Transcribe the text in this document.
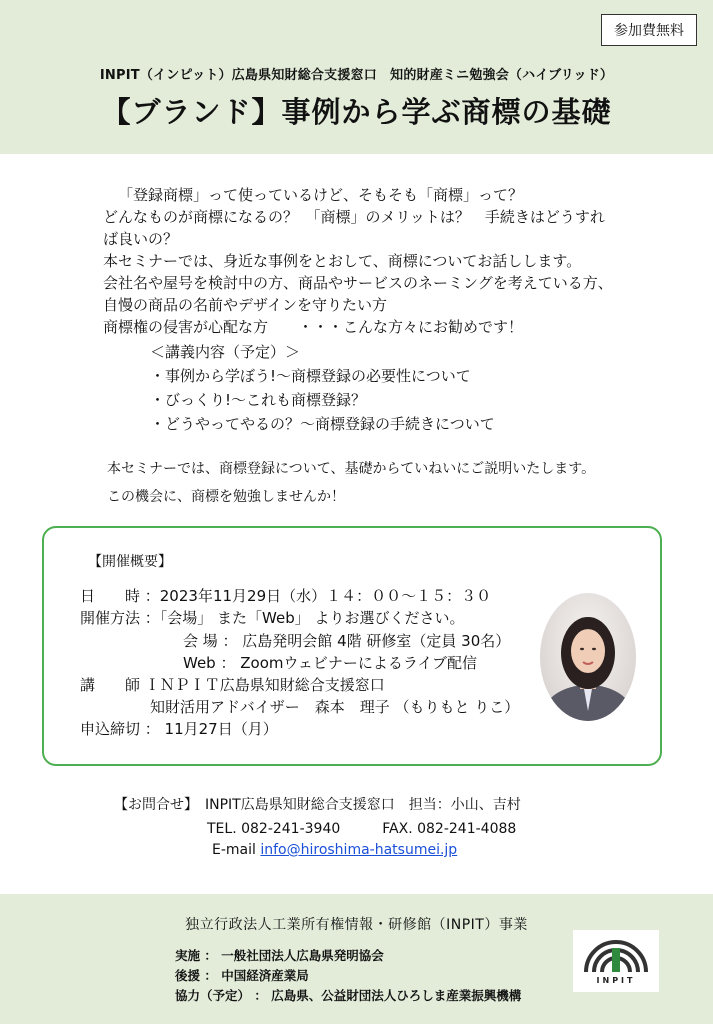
参加費無料
INPIT（インピット）広島県知財総合支援窓口　知的財産ミニ勉強会（ハイブリッド）
【ブランド】事例から学ぶ商標の基礎

「登録商標」って使っているけど、そもそも「商標」って？

どんなものが商標になるの？　「商標」のメリットは？　手続きはどうすれ

ば良いの？

本セミナーでは、身近な事例をとおして、商標についてお話しします。

会社名や屋号を検討中の方、商品やサービスのネーミングを考えている方、

自慢の商品の名前やデザインを守りたい方

商標権の侵害が心配な方　　・・・こんな方々にお勧めです！

＜講義内容（予定）＞
・事例から学ぼう!～商標登録の必要性について
・びっくり!～これも商標登録？
・どうやってやるの？～商標登録の手続きについて
本セミナーでは、商標登録について、基礎からていねいにご説明いたします。
この機会に、商標を勉強しませんか！
【開催概要】
日　　時 ：2023年11月29日（水）１４：００～１５：３０
開催方法 ：「会場」 また「Web」 よりお選びください。
会 場 ： 広島発明会館 4階 研修室（定員 30名）
Web ： Zoomウェビナーによるライブ配信
講　　師 ＩＮＰＩＴ広島県知財総合支援窓口
知財活用アドバイザー　森本　理子 （もりもと りこ）
申込締切 ： 11月27日（月）
【お問合せ】　INPIT広島県知財総合支援窓口　担当：小山、吉村
TEL. 082-241-3940　　　FAX. 082-241-4088
E-mail info@hiroshima-hatsumei.jp
独立行政法人工業所有権情報・研修館（INPIT）事業
実施 ： 一般社団法人広島県発明協会
後援 ： 中国経済産業局
協力（予定） ： 広島県、公益財団法人ひろしま産業振興機構
INPIT
